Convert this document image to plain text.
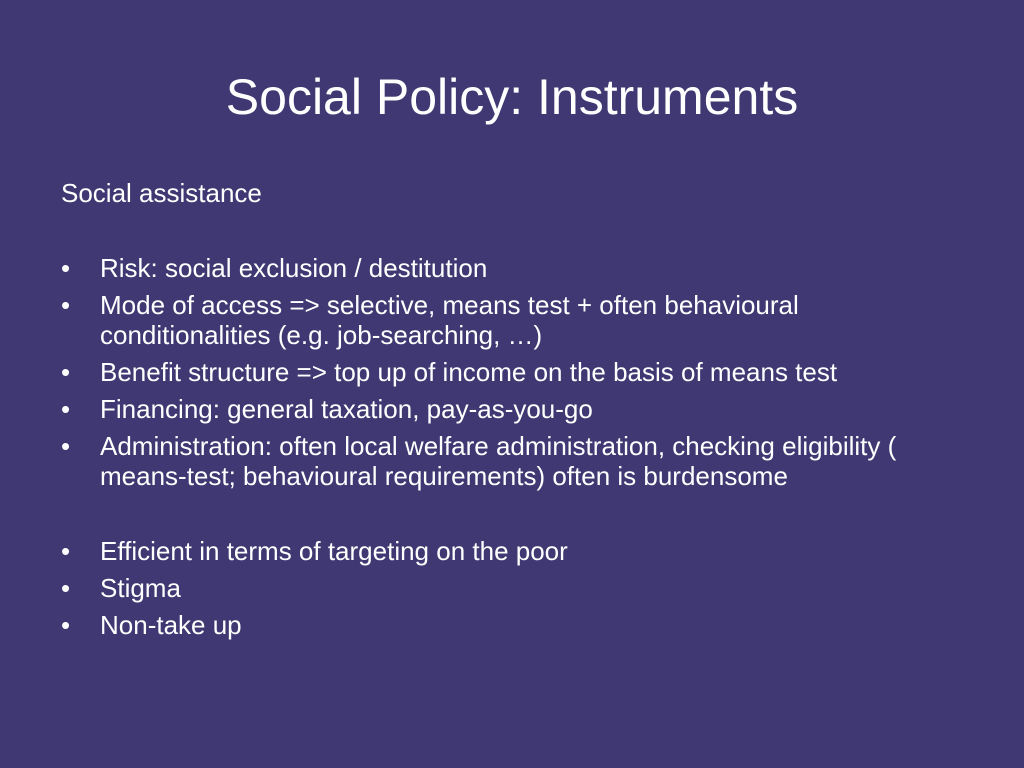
Social Policy: Instruments

Social assistance

•	Risk: social exclusion / destitution
•	Mode of access => selective, means test + often behavioural conditionalities (e.g. job-searching, …)
•	Benefit structure => top up of income on the basis of means test
•	Financing: general taxation, pay-as-you-go
•	Administration: often local welfare administration, checking eligibility ( means-test; behavioural requirements) often is burdensome
•	Efficient in terms of targeting on the poor
•	Stigma
•	Non-take up
